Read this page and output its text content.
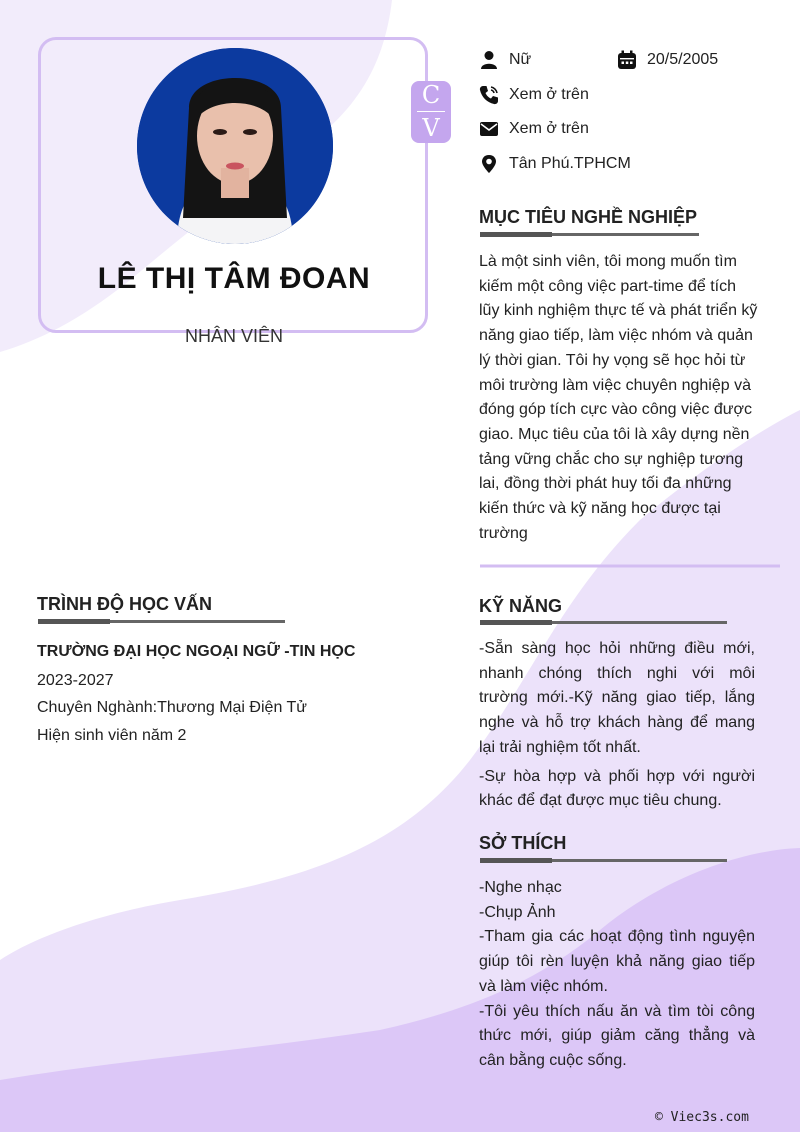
LÊ THỊ TÂM ĐOAN
NHÂN VIÊN
C
V
Nữ	20/5/2005
Xem ở trên
Xem ở trên
Tân Phú.TPHCM
MỤC TIÊU NGHỀ NGHIỆP
Là một sinh viên, tôi mong muốn tìm
kiếm một công việc part-time để tích
lũy kinh nghiệm thực tế và phát triển kỹ
năng giao tiếp, làm việc nhóm và quản
lý thời gian. Tôi hy vọng sẽ học hỏi từ
môi trường làm việc chuyên nghiệp và
đóng góp tích cực vào công việc được
giao. Mục tiêu của tôi là xây dựng nền
tảng vững chắc cho sự nghiệp tương
lai, đồng thời phát huy tối đa những
kiến thức và kỹ năng học được tại
trường
TRÌNH ĐỘ HỌC VẤN
TRƯỜNG ĐẠI HỌC NGOẠI NGỮ -TIN HỌC
2023-2027
Chuyên Nghành:Thương Mại Điện Tử
Hiện sinh viên năm 2
KỸ NĂNG
-Sẵn sàng học hỏi những điều mới, nhanh chóng thích nghi với môi trường mới.-Kỹ năng giao tiếp, lắng nghe và hỗ trợ khách hàng để mang lại trải nghiệm tốt nhất.
-Sự hòa hợp và phối hợp với người khác để đạt được mục tiêu chung.
SỞ THÍCH
-Nghe nhạc
-Chụp Ảnh
-Tham gia các hoạt động tình nguyện giúp tôi rèn luyện khả năng giao tiếp và làm việc nhóm.
-Tôi yêu thích nấu ăn và tìm tòi công thức mới, giúp giảm căng thẳng và cân bằng cuộc sống.
© Viec3s.com
